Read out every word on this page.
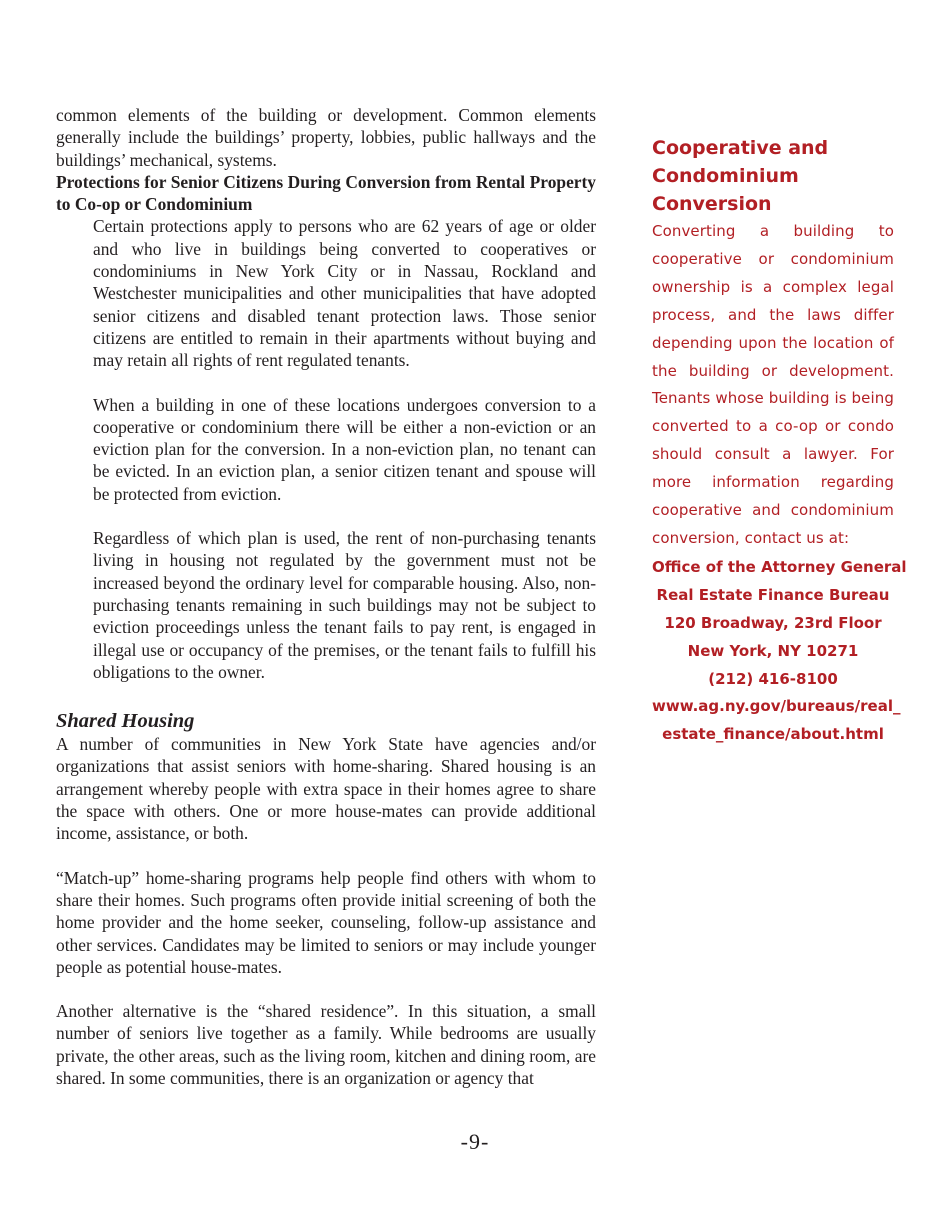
common elements of the building or development. Common elements generally include the buildings’ property, lobbies, public hallways and the buildings’ mechanical, systems.

Protections for Senior Citizens During Conversion from Rental Property to Co-op or Condominium

Certain protections apply to persons who are 62 years of age or older and who live in buildings being converted to cooperatives or condominiums in New York City or in Nassau, Rockland and Westchester municipalities and other municipalities that have adopted senior citizens and disabled tenant protection laws. Those senior citizens are entitled to remain in their apartments without buying and may retain all rights of rent regulated tenants.

When a building in one of these locations undergoes conversion to a cooperative or condominium there will be either a non-eviction or an eviction plan for the conversion. In a non-eviction plan, no tenant can be evicted. In an eviction plan, a senior citizen tenant and spouse will be protected from eviction.

Regardless of which plan is used, the rent of non-purchasing tenants living in housing not regulated by the government must not be increased beyond the ordinary level for comparable housing. Also, non-purchasing tenants remaining in such buildings may not be subject to eviction proceedings unless the tenant fails to pay rent, is engaged in illegal use or occupancy of the premises, or the tenant fails to fulfill his obligations to the owner.

Shared Housing

A number of communities in New York State have agencies and/or organizations that assist seniors with home-sharing. Shared housing is an arrangement whereby people with extra space in their homes agree to share the space with others. One or more house-mates can provide additional income, assistance, or both.

“Match-up” home-sharing programs help people find others with whom to share their homes. Such programs often provide initial screening of both the home provider and the home seeker, counseling, follow-up assistance and other services. Candidates may be limited to seniors or may include younger people as potential house-mates.

Another alternative is the “shared residence”. In this situation, a small number of seniors live together as a family. While bedrooms are usually private, the other areas, such as the living room, kitchen and dining room, are shared. In some communities, there is an organization or agency that

Cooperative and
Condominium Conversion

Converting a building to cooperative or condominium ownership is a complex legal process, and the laws differ depending upon the location of the building or development. Tenants whose building is being converted to a co-op or condo should consult a lawyer. For more information regarding cooperative and condominium conversion, contact us at:

Office of the Attorney General
Real Estate Finance Bureau
120 Broadway, 23rd Floor
New York, NY 10271
(212) 416-8100
www.ag.ny.gov/bureaus/real_
estate_finance/about.html
-9-
